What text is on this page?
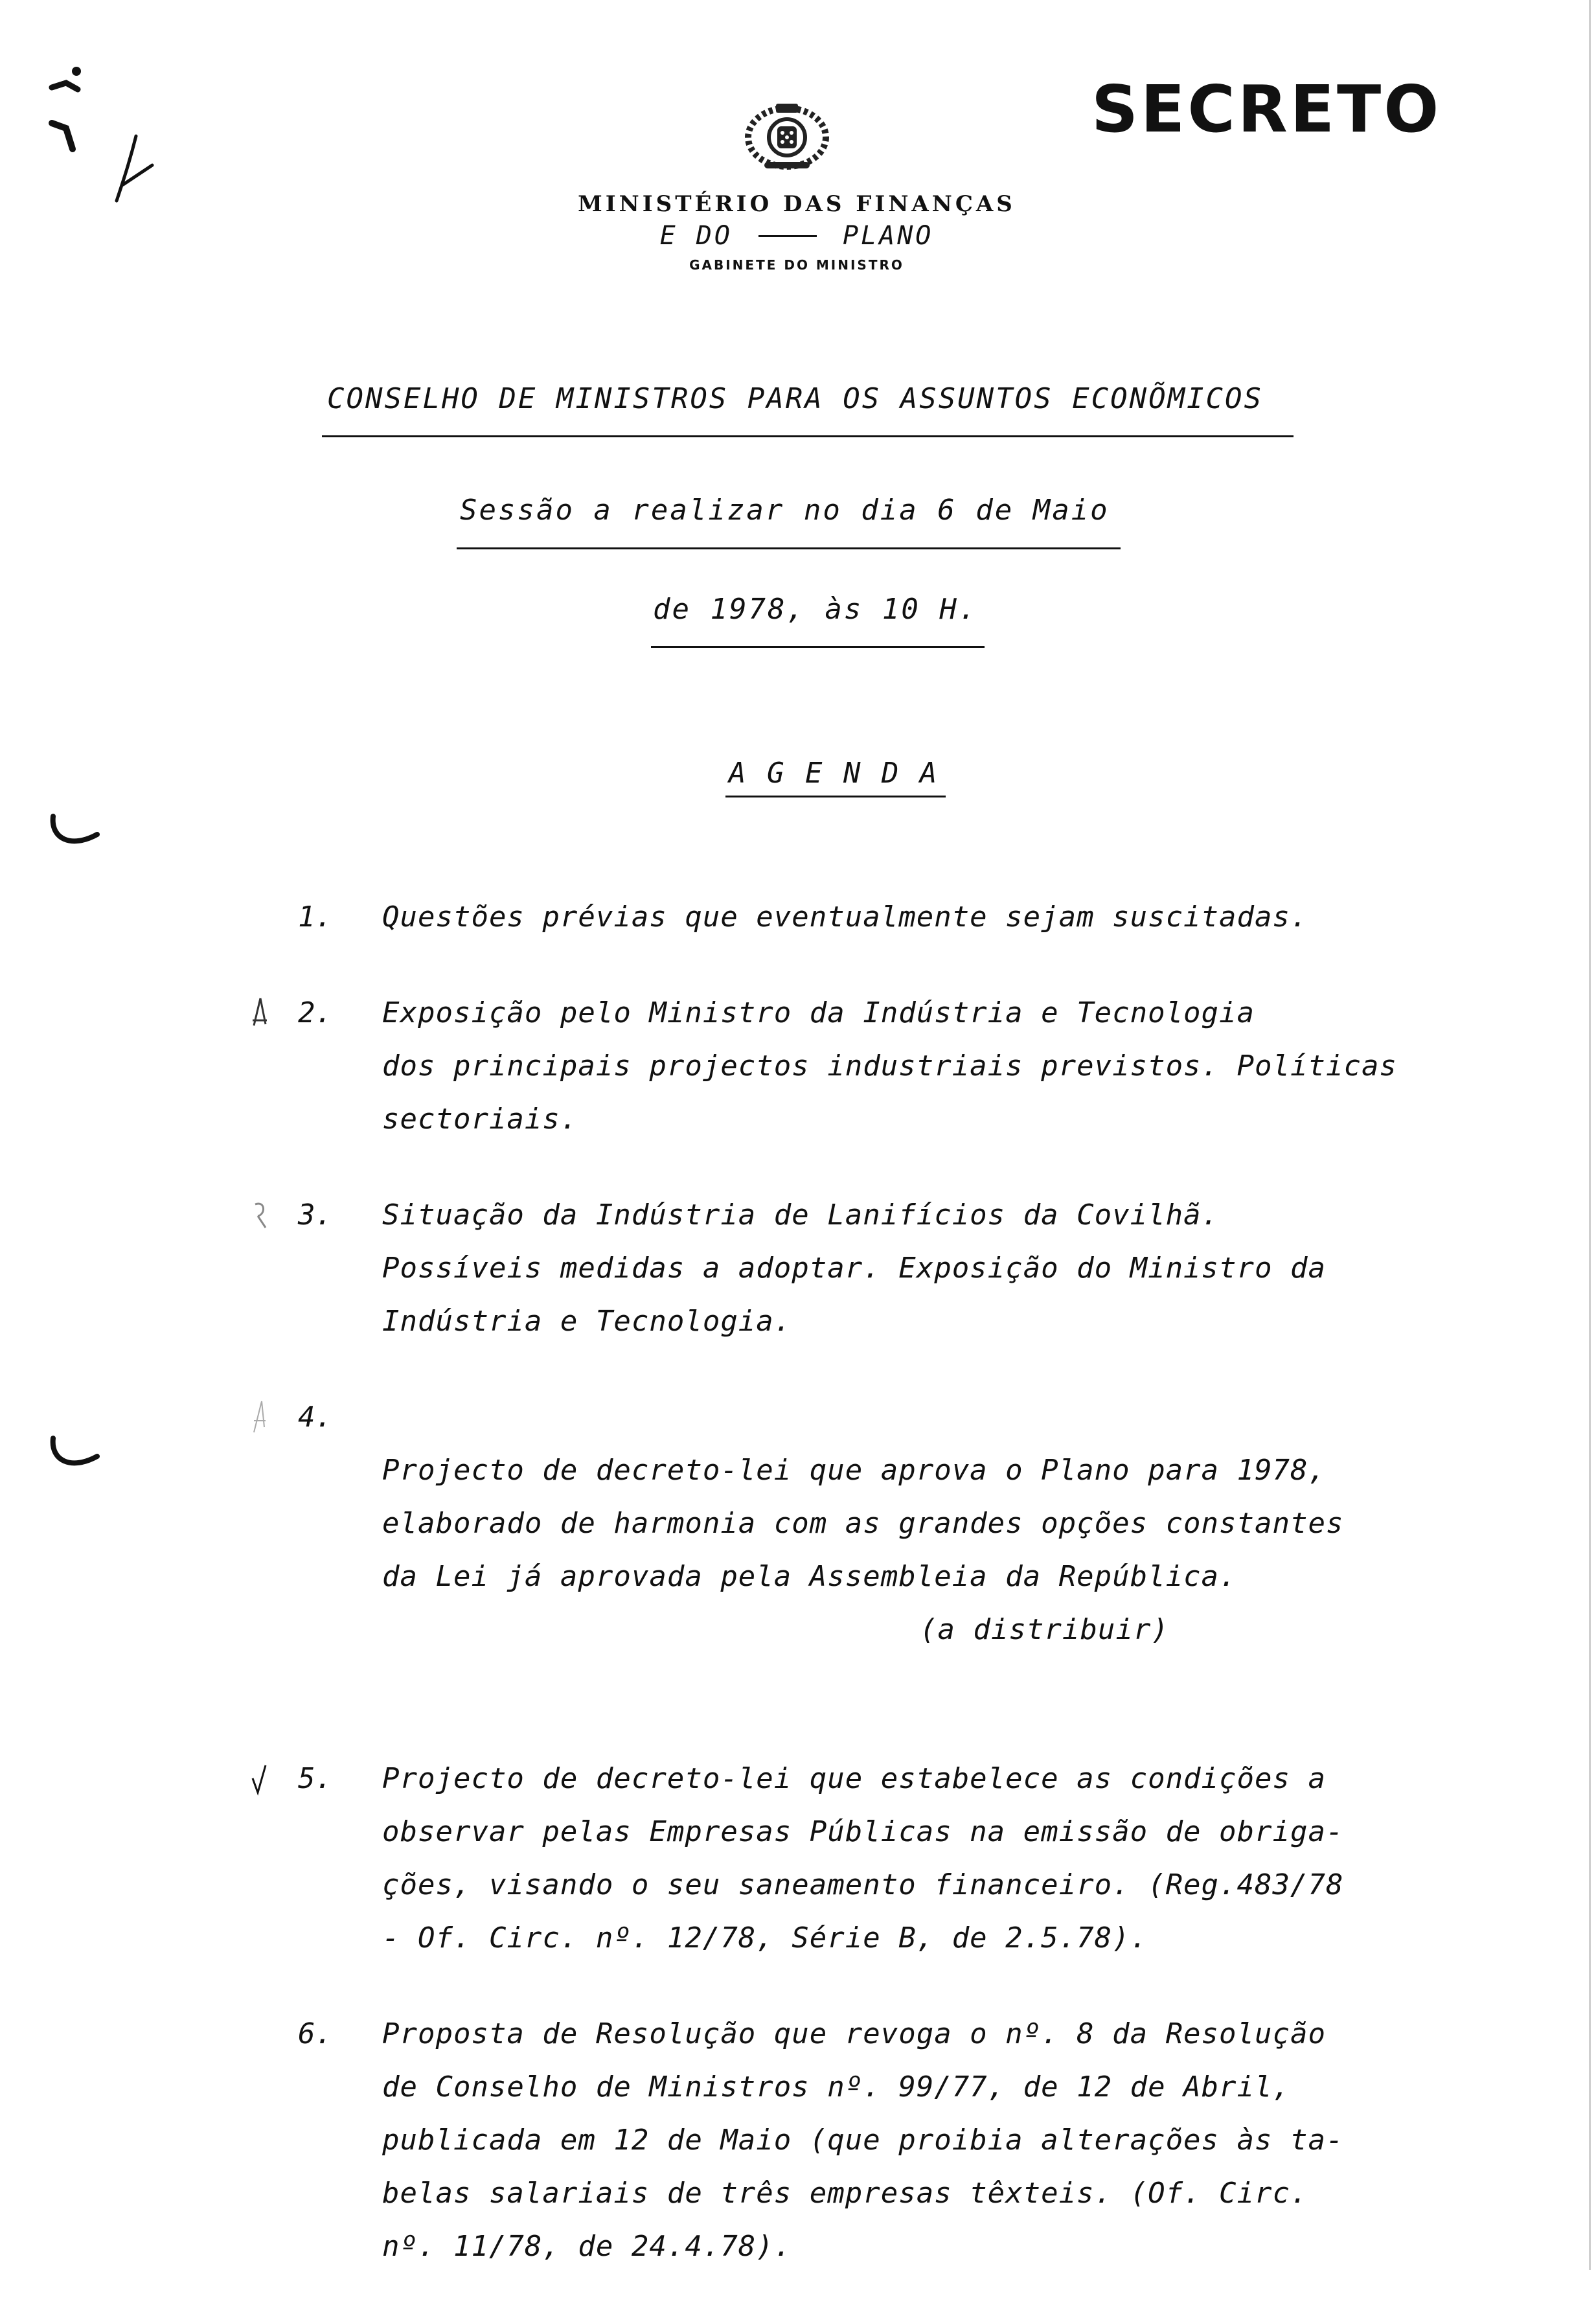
SECRETO
MINISTÉRIO DAS FINANÇAS
E DO	PLANO
GABINETE DO MINISTRO
CONSELHO DE MINISTROS PARA OS ASSUNTOS ECONÕMICOS
Sessão a realizar no dia 6 de Maio
de 1978, às 10 H.
A G E N D A
1.	Questões prévias que eventualmente sejam suscitadas.
2.	Exposição pelo Ministro da Indústria e Tecnologia
dos principais projectos industriais previstos. Políticas
sectoriais.
3.	Situação da Indústria de Lanifícios da Covilhã.
Possíveis medidas a adoptar. Exposição do Ministro da
Indústria e Tecnologia.
4.

Projecto de decreto-lei que aprova o Plano para 1978,
elaborado de harmonia com as grandes opções constantes
da Lei já aprovada pela Assembleia da República.

(a distribuir)

5.	Projecto de decreto-lei que estabelece as condições a
observar pelas Empresas Públicas na emissão de obriga-
ções, visando o seu saneamento financeiro. (Reg.483/78
- Of. Circ. nº. 12/78, Série B, de 2.5.78).
6.	Proposta de Resolução que revoga o nº. 8 da Resolução
de Conselho de Ministros nº. 99/77, de 12 de Abril,
publicada em 12 de Maio (que proibia alterações às ta-
belas salariais de três empresas têxteis. (Of. Circ.
nº. 11/78, de 24.4.78).
